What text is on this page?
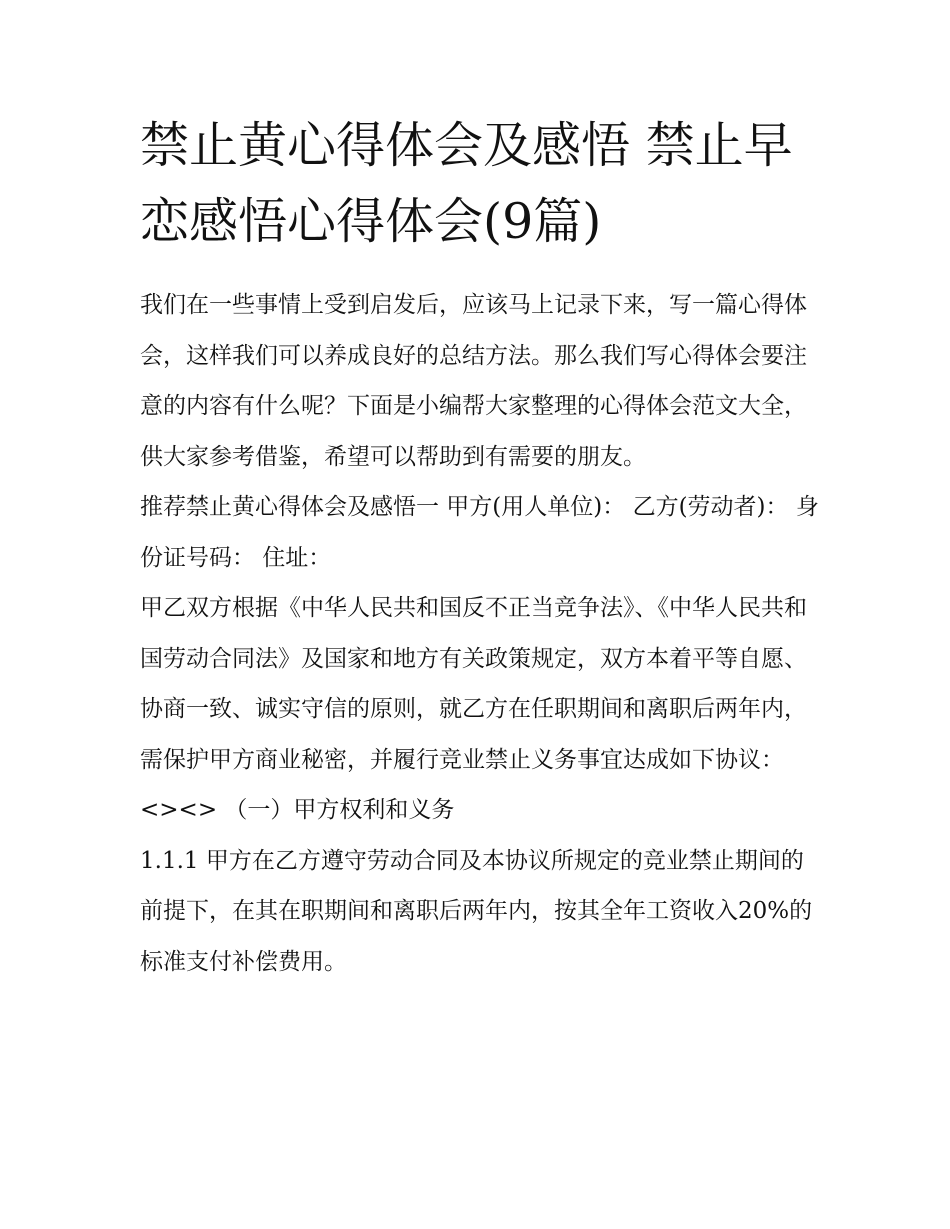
禁止黄心得体会及感悟 禁止早恋感悟心得体会(9篇)

我们在一些事情上受到启发后，应该马上记录下来，写一篇心得体会，这样我们可以养成良好的总结方法。那么我们写心得体会要注意的内容有什么呢？下面是小编帮大家整理的心得体会范文大全，供大家参考借鉴，希望可以帮助到有需要的朋友。

推荐禁止黄心得体会及感悟一 甲方(用人单位)： 乙方(劳动者)： 身份证号码： 住址：

甲乙双方根据《中华人民共和国反不正当竞争法》、《中华人民共和国劳动合同法》及国家和地方有关政策规定，双方本着平等自愿、协商一致、诚实守信的原则，就乙方在任职期间和离职后两年内，需保护甲方商业秘密，并履行竞业禁止义务事宜达成如下协议：

<><> （一）甲方权利和义务

1.1.1 甲方在乙方遵守劳动合同及本协议所规定的竞业禁止期间的前提下，在其在职期间和离职后两年内，按其全年工资收入20%的标准支付补偿费用。
